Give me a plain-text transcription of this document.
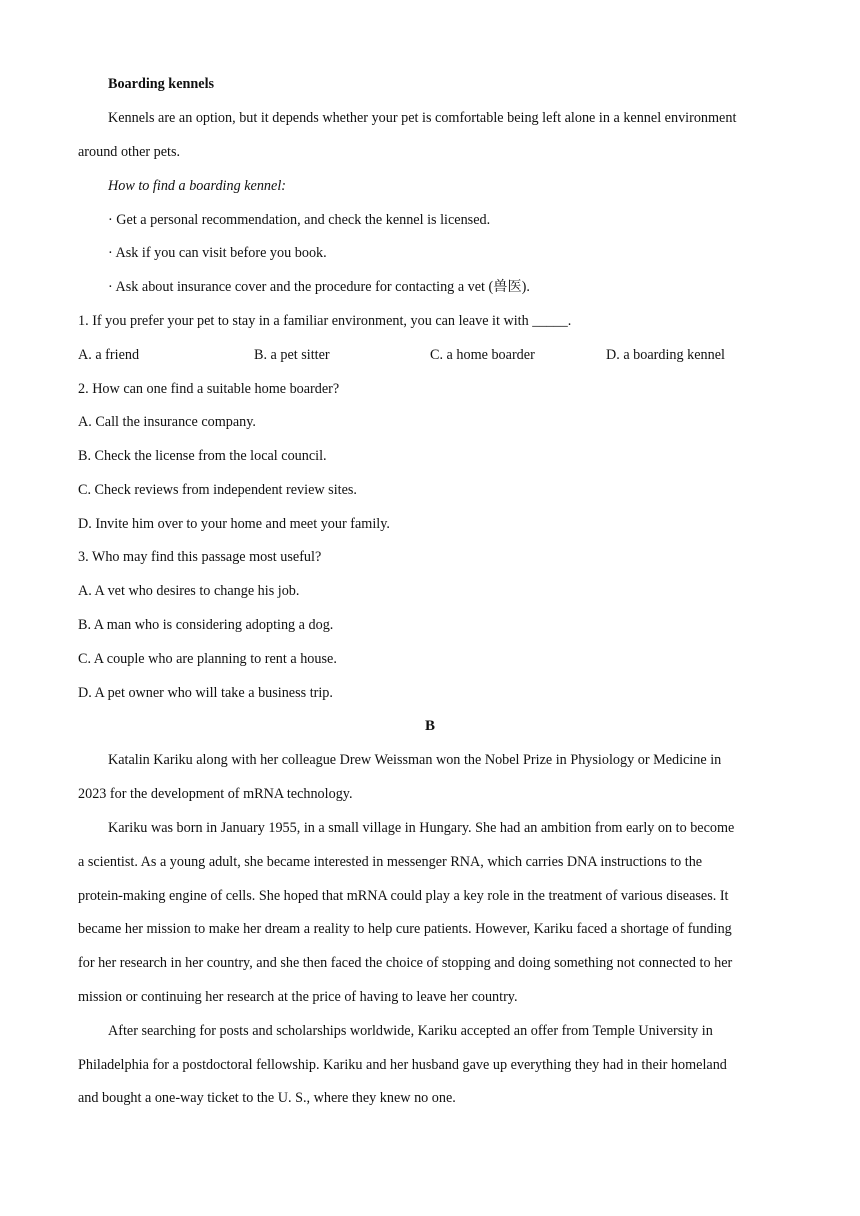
Boarding kennels
Kennels are an option, but it depends whether your pet is comfortable being left alone in a kennel environment
around other pets.
How to find a boarding kennel:
· Get a personal recommendation, and check the kennel is licensed.
· Ask if you can visit before you book.
· Ask about insurance cover and the procedure for contacting a vet (兽医).
1. If you prefer your pet to stay in a familiar environment, you can leave it with _____.
A. a friend	B. a pet sitter	C. a home boarder	D. a boarding kennel
2. How can one find a suitable home boarder?
A. Call the insurance company.
B. Check the license from the local council.
C. Check reviews from independent review sites.
D. Invite him over to your home and meet your family.
3. Who may find this passage most useful?
A. A vet who desires to change his job.
B. A man who is considering adopting a dog.
C. A couple who are planning to rent a house.
D. A pet owner who will take a business trip.
B
Katalin Kariku along with her colleague Drew Weissman won the Nobel Prize in Physiology or Medicine in
2023 for the development of mRNA technology.
Kariku was born in January 1955, in a small village in Hungary. She had an ambition from early on to become
a scientist. As a young adult, she became interested in messenger RNA, which carries DNA instructions to the
protein-making engine of cells. She hoped that mRNA could play a key role in the treatment of various diseases. It
became her mission to make her dream a reality to help cure patients. However, Kariku faced a shortage of funding
for her research in her country, and she then faced the choice of stopping and doing something not connected to her
mission or continuing her research at the price of having to leave her country.
After searching for posts and scholarships worldwide, Kariku accepted an offer from Temple University in
Philadelphia for a postdoctoral fellowship. Kariku and her husband gave up everything they had in their homeland
and bought a one-way ticket to the U. S., where they knew no one.
